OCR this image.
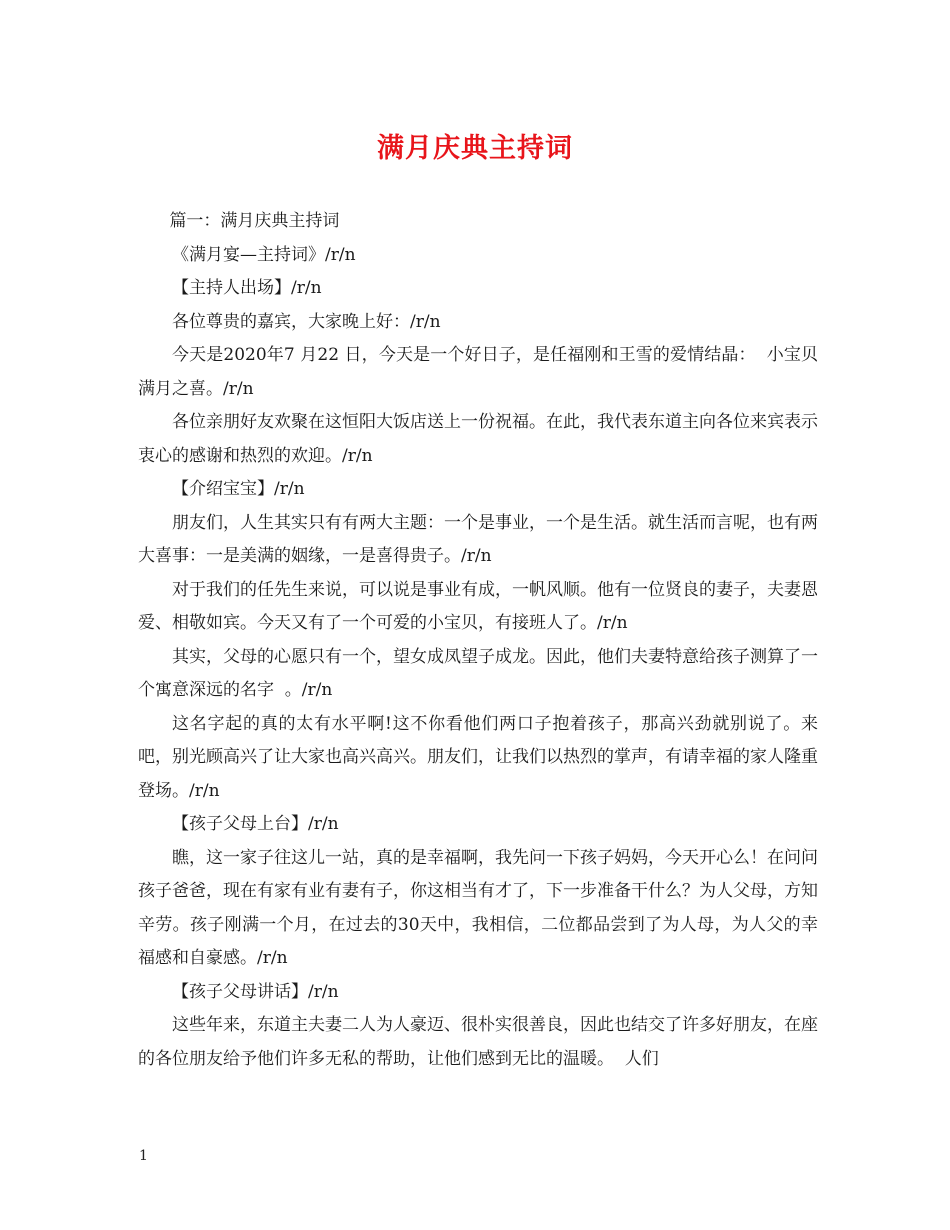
满月庆典主持词

篇一：满月庆典主持词

《满月宴—主持词》/r/n

【主持人出场】/r/n

各位尊贵的嘉宾，大家晚上好：/r/n

今天是2020年7 月22 日，今天是一个好日子，是任福刚和王雪的爱情结晶：  小宝贝满月之喜。/r/n

各位亲朋好友欢聚在这恒阳大饭店送上一份祝福。在此，我代表东道主向各位来宾表示衷心的感谢和热烈的欢迎。/r/n

【介绍宝宝】/r/n

朋友们，人生其实只有有两大主题：一个是事业，一个是生活。就生活而言呢，也有两大喜事：一是美满的姻缘，一是喜得贵子。/r/n

对于我们的任先生来说，可以说是事业有成，一帆风顺。他有一位贤良的妻子，夫妻恩爱、相敬如宾。今天又有了一个可爱的小宝贝，有接班人了。/r/n

其实，父母的心愿只有一个，望女成凤望子成龙。因此，他们夫妻特意给孩子测算了一个寓意深远的名字  。/r/n

这名字起的真的太有水平啊!这不你看他们两口子抱着孩子，那高兴劲就别说了。来吧，别光顾高兴了让大家也高兴高兴。朋友们，让我们以热烈的掌声，有请幸福的家人隆重登场。/r/n

【孩子父母上台】/r/n

瞧，这一家子往这儿一站，真的是幸福啊，我先问一下孩子妈妈，今天开心么！在问问孩子爸爸，现在有家有业有妻有子，你这相当有才了，下一步准备干什么？为人父母，方知辛劳。孩子刚满一个月，在过去的30天中，我相信，二位都品尝到了为人母，为人父的幸福感和自豪感。/r/n

【孩子父母讲话】/r/n

这些年来，东道主夫妻二人为人豪迈、很朴实很善良，因此也结交了许多好朋友，在座的各位朋友给予他们许多无私的帮助，让他们感到无比的温暖。  人们

1
